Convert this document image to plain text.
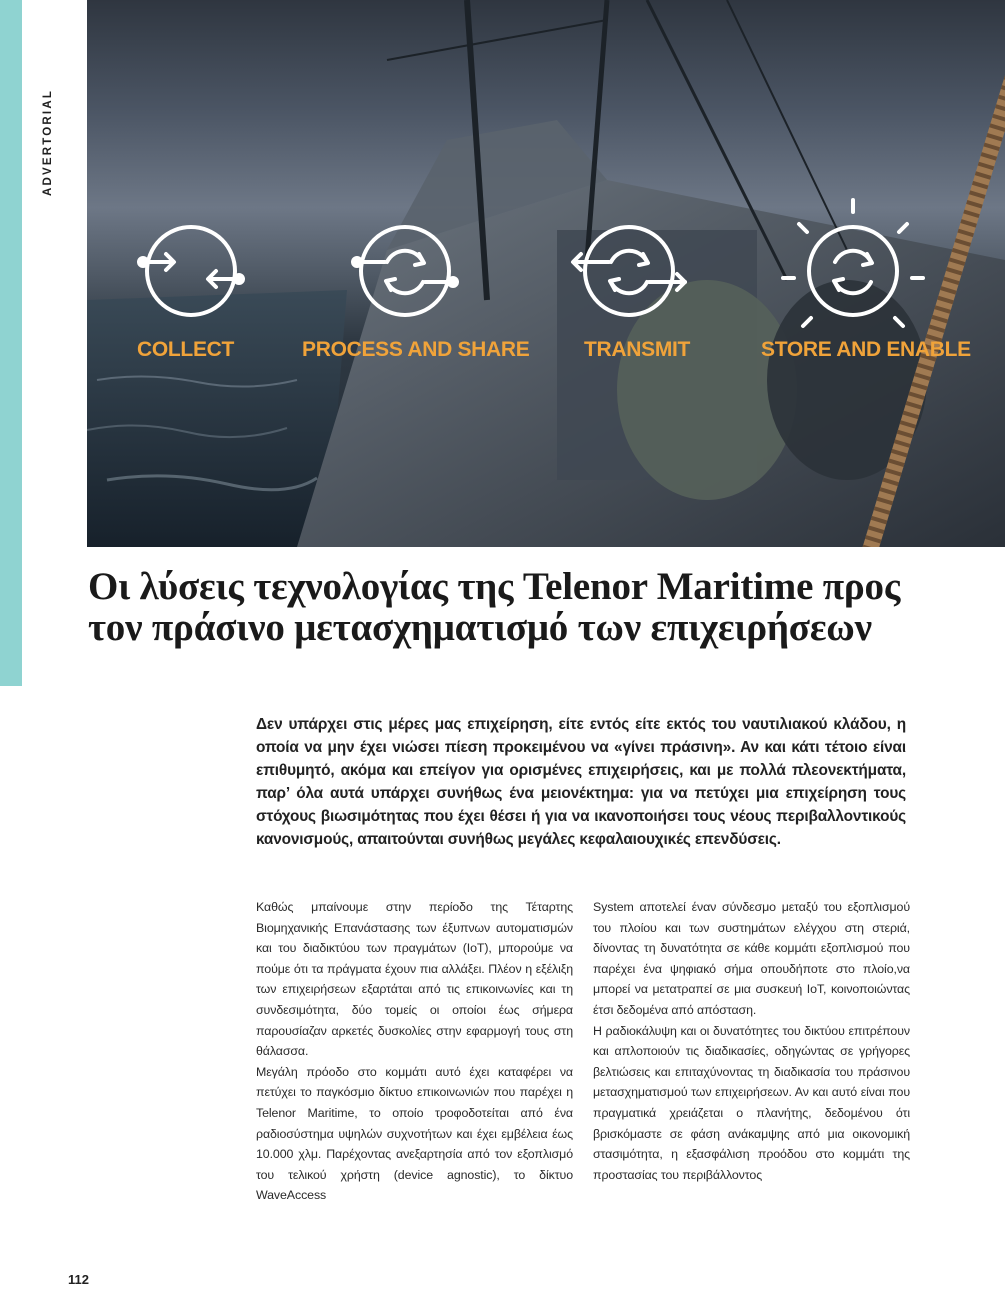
ADVERTORIAL
COLLECT	PROCESS AND SHARE	TRANSMIT	STORE AND ENABLE
Οι λύσεις τεχνολογίας της Telenor Maritime προς τον πράσινο μετασχηματισμό των επιχειρήσεων

Δεν υπάρχει στις μέρες μας επιχείρηση, είτε εντός είτε εκτός του ναυτιλιακού κλάδου, η οποία να μην έχει νιώσει πίεση προκειμένου να «γίνει πράσινη». Αν και κάτι τέτοιο είναι επιθυμητό, ακόμα και επείγον για ορισμένες επιχειρήσεις, και με πολλά πλεονεκτήματα, παρ’ όλα αυτά υπάρχει συνήθως ένα μειονέκτημα: για να πετύχει μια επιχείρηση τους στόχους βιωσιμότητας που έχει θέσει ή για να ικανοποιήσει τους νέους περιβαλλοντικούς κανονισμούς, απαιτούνται συνήθως μεγάλες κεφαλαιουχικές επενδύσεις.

Καθώς μπαίνουμε στην περίοδο της Τέταρτης Βιομηχανικής Επανάστασης των έξυπνων αυτοματισμών και του διαδικτύου των πραγμάτων (IoT), μπορούμε να πούμε ότι τα πράγματα έχουν πια αλλάξει. Πλέον η εξέλιξη των επιχειρήσεων εξαρτάται από τις επικοινωνίες και τη συνδεσιμότητα, δύο τομείς οι οποίοι έως σήμερα παρουσίαζαν αρκετές δυσκολίες στην εφαρμογή τους στη θάλασσα.

Μεγάλη πρόοδο στο κομμάτι αυτό έχει καταφέρει να πετύχει το παγκόσμιο δίκτυο επικοινωνιών που παρέχει η Telenor Maritime, το οποίο τροφοδοτείται από ένα ραδιοσύστημα υψηλών συχνοτήτων και έχει εμβέλεια έως 10.000 χλμ. Παρέχοντας ανεξαρτησία από τον εξοπλισμό του τελικού χρήστη (device agnostic), το δίκτυο WaveAccess

System αποτελεί έναν σύνδεσμο μεταξύ του εξοπλισμού του πλοίου και των συστημάτων ελέγχου στη στεριά, δίνοντας τη δυνατότητα σε κάθε κομμάτι εξοπλισμού που παρέχει ένα ψηφιακό σήμα οπουδήποτε στο πλοίο,να μπορεί να μετατραπεί σε μια συσκευή IoT, κοινοποιώντας έτσι δεδομένα από απόσταση.

Η ραδιοκάλυψη και οι δυνατότητες του δικτύου επιτρέπουν και απλοποιούν τις διαδικασίες, οδηγώντας σε γρήγορες βελτιώσεις και επιταχύνοντας τη διαδικασία του πράσινου μετασχηματισμού των επιχειρήσεων. Αν και αυτό είναι που πραγματικά χρειάζεται ο πλανήτης, δεδομένου ότι βρισκόμαστε σε φάση ανάκαμψης από μια οικονομική στασιμότητα, η εξασφάλιση προόδου στο κομμάτι της προστασίας του περιβάλλοντος

112
